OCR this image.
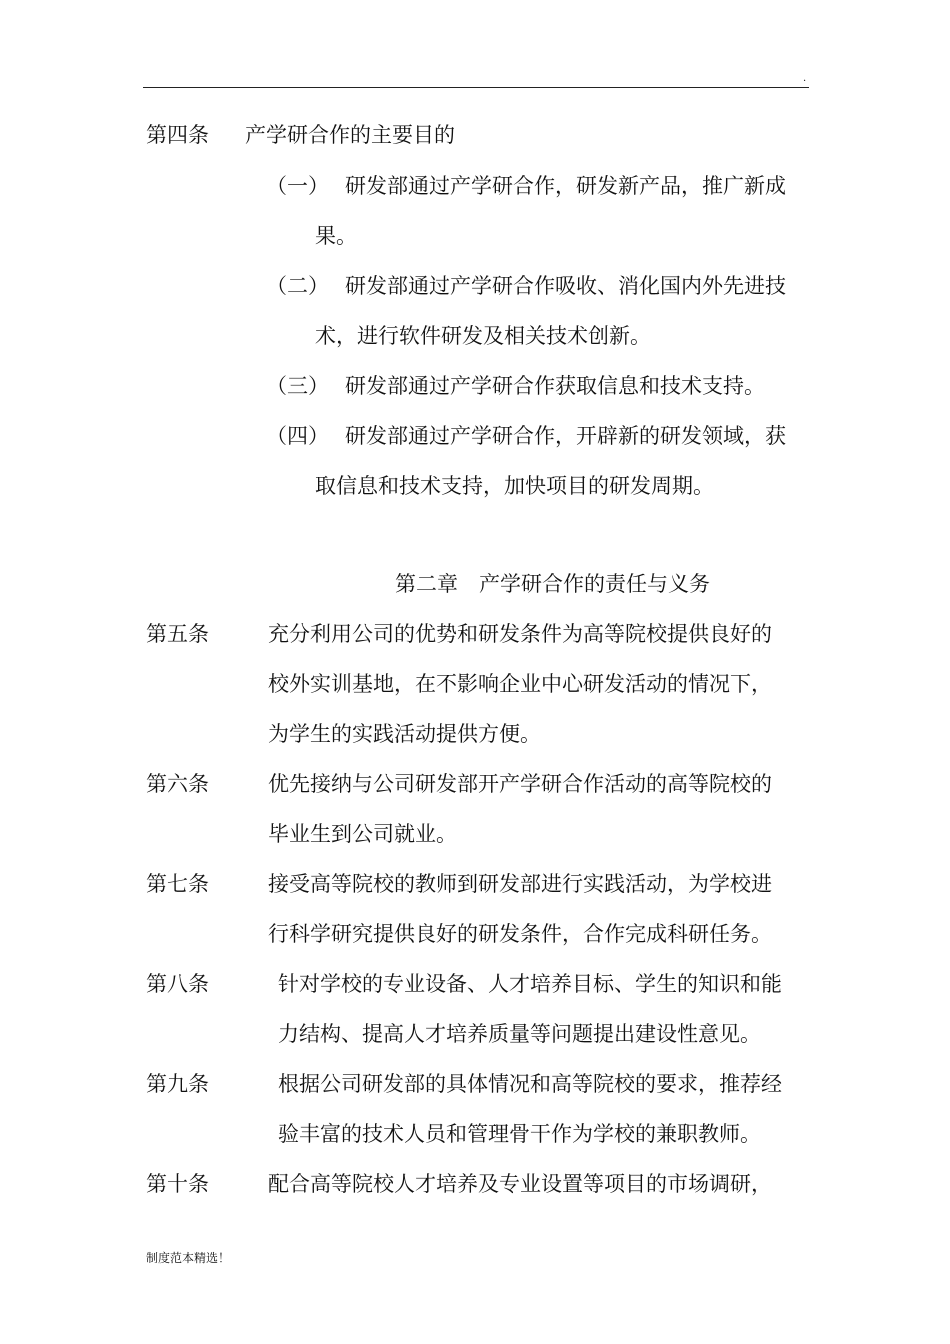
.
第四条 产学研合作的主要目的
（一） 研发部通过产学研合作，研发新产品，推广新成
果。
（二） 研发部通过产学研合作吸收、消化国内外先进技
术，进行软件研发及相关技术创新。
（三） 研发部通过产学研合作获取信息和技术支持。
（四） 研发部通过产学研合作，开辟新的研发领域，获
取信息和技术支持，加快项目的研发周期。
第二章　产学研合作的责任与义务
第五条	充分利用公司的优势和研发条件为高等院校提供良好的
校外实训基地，在不影响企业中心研发活动的情况下，
为学生的实践活动提供方便。
第六条	优先接纳与公司研发部开产学研合作活动的高等院校的
毕业生到公司就业。
第七条	接受高等院校的教师到研发部进行实践活动，为学校进
行科学研究提供良好的研发条件，合作完成科研任务。
第八条	针对学校的专业设备、人才培养目标、学生的知识和能
力结构、提高人才培养质量等问题提出建设性意见。
第九条	根据公司研发部的具体情况和高等院校的要求，推荐经
验丰富的技术人员和管理骨干作为学校的兼职教师。
第十条	配合高等院校人才培养及专业设置等项目的市场调研，
制度范本精选！
